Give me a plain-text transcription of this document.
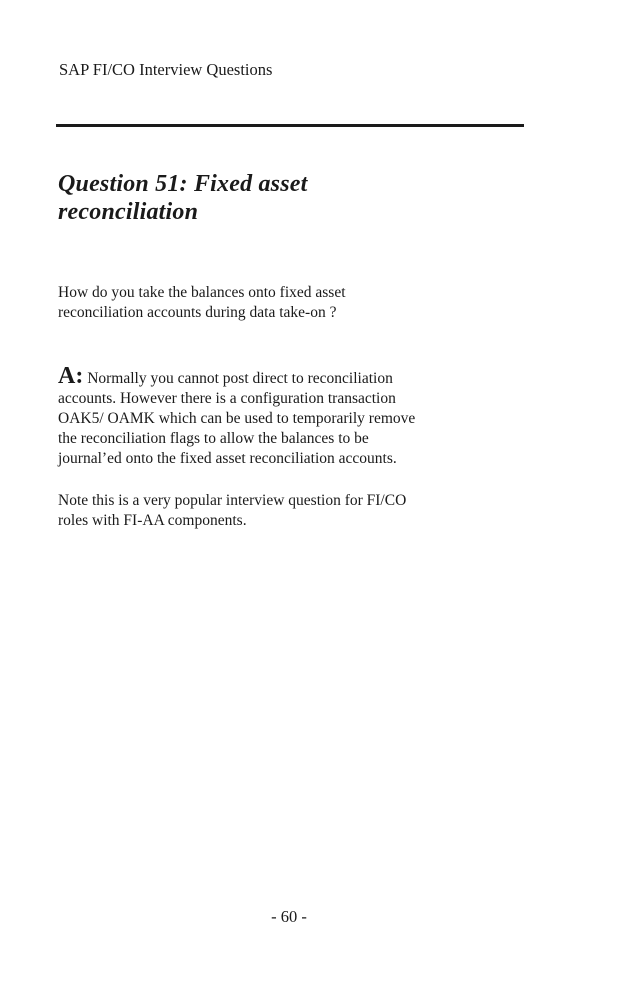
SAP FI/CO Interview Questions
Question 51: Fixed asset
reconciliation

How do you take the balances onto fixed asset
reconciliation accounts during data take-on ?

A: Normally you cannot post direct to reconciliation
accounts. However there is a configuration transaction
OAK5/ OAMK which can be used to temporarily remove
the reconciliation flags to allow the balances to be
journal’ed onto the fixed asset reconciliation accounts.

Note this is a very popular interview question for FI/CO
roles with FI-AA components.

- 60 -
